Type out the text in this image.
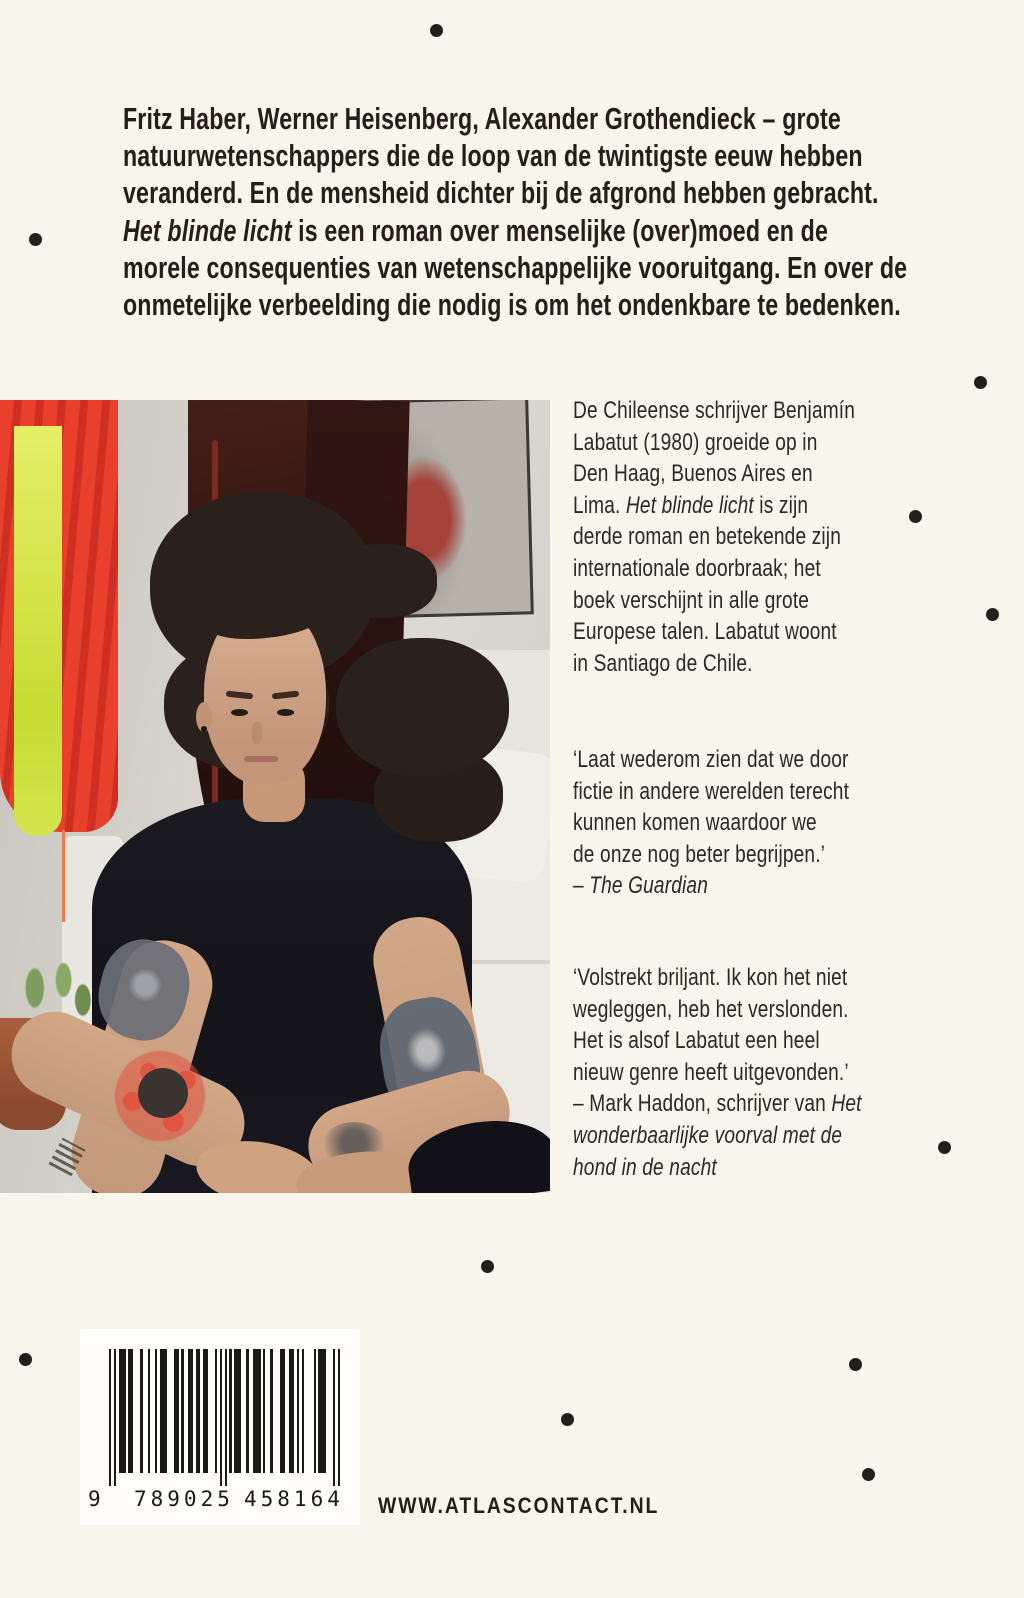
Fritz Haber, Werner Heisenberg, Alexander Grothendieck – grote
natuurwetenschappers die de loop van de twintigste eeuw hebben
veranderd. En de mensheid dichter bij de afgrond hebben gebracht.
Het blinde licht is een roman over menselijke (over)moed en de
morele consequenties van wetenschappelijke vooruitgang. En over de
onmetelijke verbeelding die nodig is om het ondenkbare te bedenken.
De Chileense schrijver Benjamín
Labatut (1980) groeide op in
Den Haag, Buenos Aires en
Lima. Het blinde licht is zijn
derde roman en betekende zijn
internationale doorbraak; het
boek verschijnt in alle grote
Europese talen. Labatut woont
in Santiago de Chile.
‘Laat wederom zien dat we door
fictie in andere werelden terecht
kunnen komen waardoor we
de onze nog beter begrijpen.’
– The Guardian
‘Volstrekt briljant. Ik kon het niet
wegleggen, heb het verslonden.
Het is alsof Labatut een heel
nieuw genre heeft uitgevonden.’
– Mark Haddon, schrijver van Het
wonderbaarlijke voorval met de
hond in de nacht
9 789025 458164 WWW.ATLASCONTACT.NL
